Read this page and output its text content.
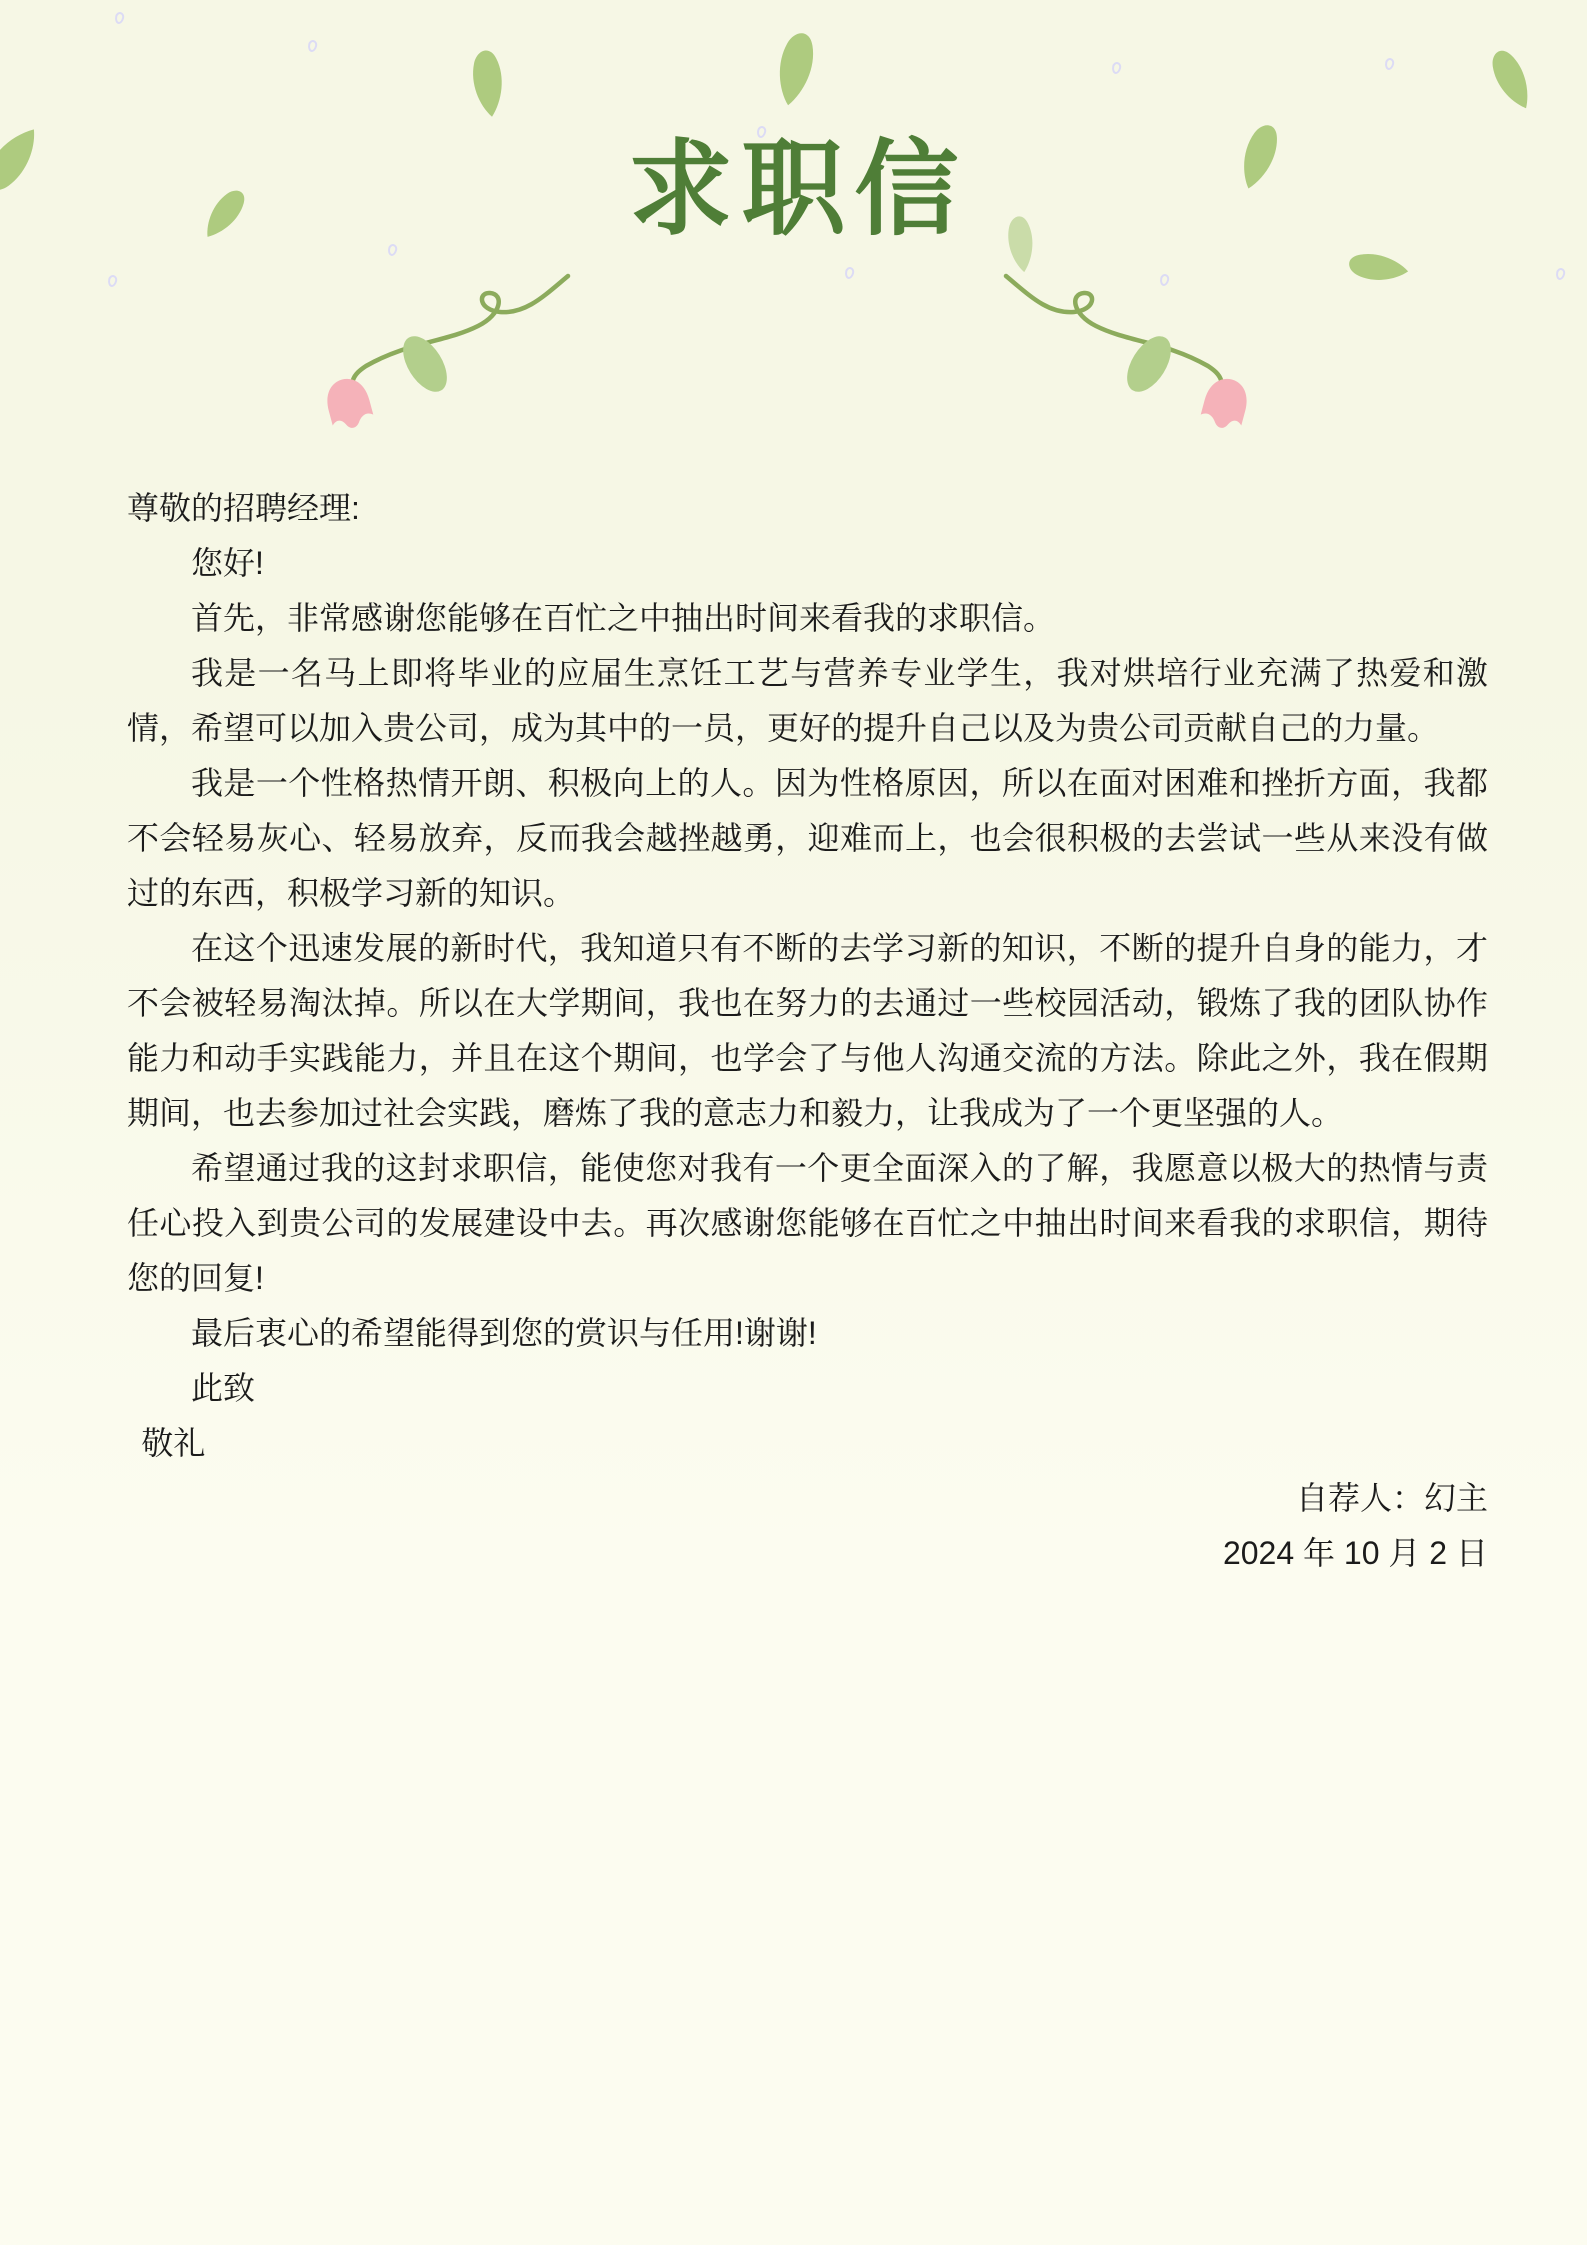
求职信

尊敬的招聘经理:

您好!

首先，非常感谢您能够在百忙之中抽出时间来看我的求职信。

我是一名马上即将毕业的应届生烹饪工艺与营养专业学生，我对烘培行业充满了热爱和激情，希望可以加入贵公司，成为其中的一员，更好的提升自己以及为贵公司贡献自己的力量。

我是一个性格热情开朗、积极向上的人。因为性格原因，所以在面对困难和挫折方面，我都不会轻易灰心、轻易放弃，反而我会越挫越勇，迎难而上，也会很积极的去尝试一些从来没有做过的东西，积极学习新的知识。

在这个迅速发展的新时代，我知道只有不断的去学习新的知识，不断的提升自身的能力，才不会被轻易淘汰掉。所以在大学期间，我也在努力的去通过一些校园活动，锻炼了我的团队协作能力和动手实践能力，并且在这个期间，也学会了与他人沟通交流的方法。除此之外，我在假期期间，也去参加过社会实践，磨炼了我的意志力和毅力，让我成为了一个更坚强的人。

希望通过我的这封求职信，能使您对我有一个更全面深入的了解，我愿意以极大的热情与责任心投入到贵公司的发展建设中去。再次感谢您能够在百忙之中抽出时间来看我的求职信，期待您的回复!

最后衷心的希望能得到您的赏识与任用!谢谢!

此致

敬礼

自荐人：幻主

2024 年 10 月 2 日
